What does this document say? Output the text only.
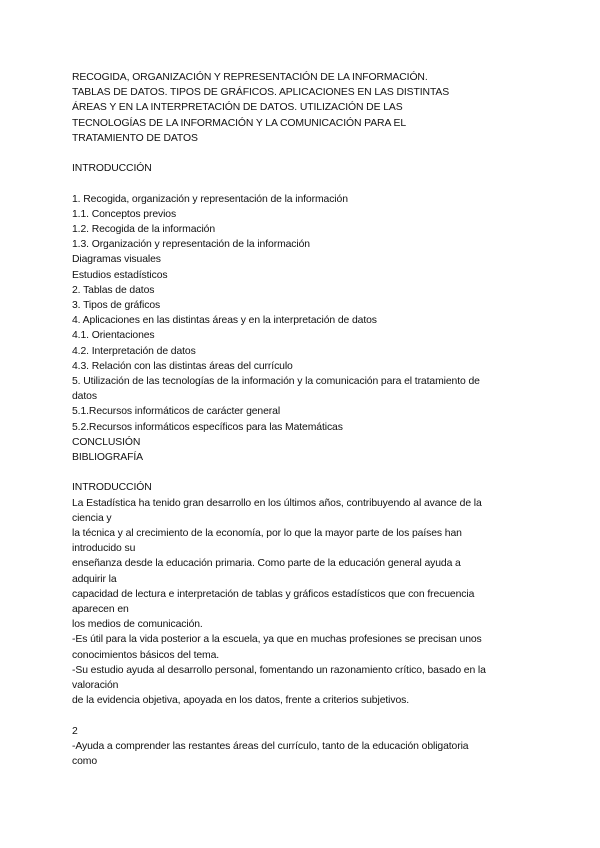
RECOGIDA, ORGANIZACIÓN Y REPRESENTACIÓN DE LA INFORMACIÓN.
TABLAS DE DATOS. TIPOS DE GRÁFICOS. APLICACIONES EN LAS DISTINTAS
ÁREAS Y EN LA INTERPRETACIÓN DE DATOS. UTILIZACIÓN DE LAS
TECNOLOGÍAS DE LA INFORMACIÓN Y LA COMUNICACIÓN PARA EL
TRATAMIENTO DE DATOS
INTRODUCCIÓN
1. Recogida, organización y representación de la información
1.1. Conceptos previos
1.2. Recogida de la información
1.3. Organización y representación de la información
Diagramas visuales
Estudios estadísticos
2. Tablas de datos
3. Tipos de gráficos
4. Aplicaciones en las distintas áreas y en la interpretación de datos
4.1. Orientaciones
4.2. Interpretación de datos
4.3. Relación con las distintas áreas del currículo
5. Utilización de las tecnologías de la información y la comunicación para el tratamiento de
datos
5.1.Recursos informáticos de carácter general
5.2.Recursos informáticos específicos para las Matemáticas
CONCLUSIÓN
BIBLIOGRAFÍA
INTRODUCCIÓN
La Estadística ha tenido gran desarrollo en los últimos años, contribuyendo al avance de la
ciencia y
la técnica y al crecimiento de la economía, por lo que la mayor parte de los países han
introducido su
enseñanza desde la educación primaria. Como parte de la educación general ayuda a
adquirir la
capacidad de lectura e interpretación de tablas y gráficos estadísticos que con frecuencia
aparecen en
los medios de comunicación.
-Es útil para la vida posterior a la escuela, ya que en muchas profesiones se precisan unos
conocimientos básicos del tema.
-Su estudio ayuda al desarrollo personal, fomentando un razonamiento crítico, basado en la
valoración
de la evidencia objetiva, apoyada en los datos, frente a criterios subjetivos.
2
-Ayuda a comprender las restantes áreas del currículo, tanto de la educación obligatoria
como
